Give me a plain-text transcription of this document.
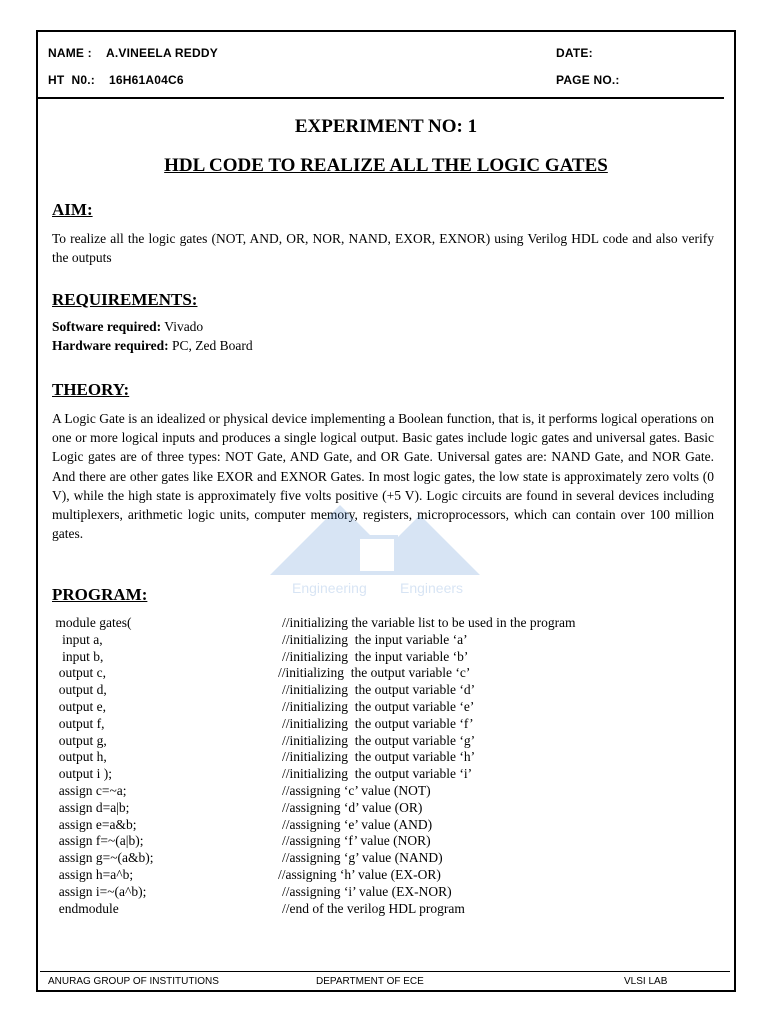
NAME : A.VINEELA REDDY	DATE:
HT  N0.: 16H61A04C6	PAGE NO.:
EXPERIMENT NO: 1
HDL CODE TO REALIZE ALL THE LOGIC GATES
AIM:
To realize all the logic gates (NOT, AND, OR, NOR, NAND, EXOR, EXNOR) using Verilog HDL code and also verify the outputs
REQUIREMENTS:
Software required: Vivado
Hardware required: PC, Zed Board
THEORY:
A Logic Gate is an idealized or physical device implementing a Boolean function, that is, it performs logical operations on one or more logical inputs and produces a single logical output. Basic gates include logic gates and universal gates. Basic Logic gates are of three types: NOT Gate, AND Gate, and OR Gate. Universal gates are: NAND Gate, and NOR Gate. And there are other gates like EXOR and EXNOR Gates. In most logic gates, the low state is approximately zero volts (0 V), while the high state is approximately five volts positive (+5 V). Logic circuits are found in several devices including multiplexers, arithmetic logic units, computer memory, registers, microprocessors, which can contain over 100 million gates.
Engineering Engineers
PROGRAM:
module gates(	//initializing the variable list to be used in the program
input a,	//initializing  the input variable ‘a’
input b,	//initializing  the input variable ‘b’
output c,	//initializing  the output variable ‘c’
output d,	//initializing  the output variable ‘d’
output e,	//initializing  the output variable ‘e’
output f,	//initializing  the output variable ‘f’
output g,	//initializing  the output variable ‘g’
output h,	//initializing  the output variable ‘h’
output i );	//initializing  the output variable ‘i’
assign c=~a;	//assigning ‘c’ value (NOT)
assign d=a|b;	//assigning ‘d’ value (OR)
assign e=a&b;	//assigning ‘e’ value (AND)
assign f=~(a|b);	//assigning ‘f’ value (NOR)
assign g=~(a&b);	//assigning ‘g’ value (NAND)
assign h=a^b;	//assigning ‘h’ value (EX-OR)
assign i=~(a^b);	//assigning ‘i’ value (EX-NOR)
endmodule	//end of the verilog HDL program
ANURAG GROUP OF INSTITUTIONS	DEPARTMENT OF ECE	VLSI LAB
